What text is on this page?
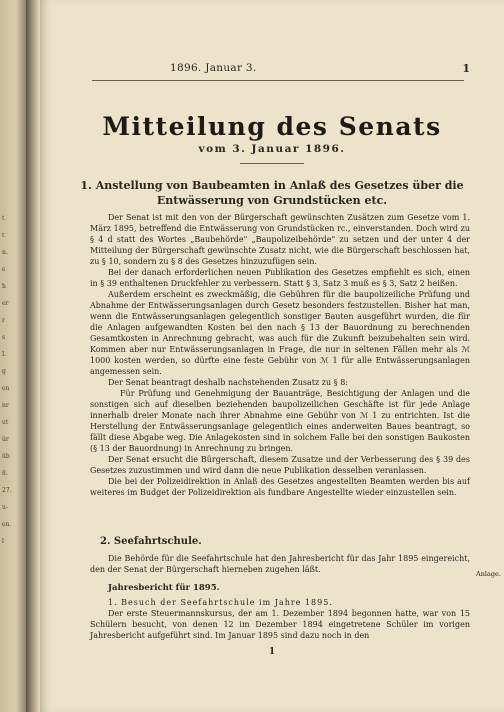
t
t
n.
e
h
er
r
s
I.
g
en
nr
ut
ür
üb
8.
27.
u-
en.
l
1896. Januar 3.	1
Mitteilung des Senats
vom 3. Januar 1896.
1. Anstellung von Baubeamten in Anlaß des Gesetzes über die Entwässerung von Grundstücken etc.

Der Senat ist mit den von der Bürgerschaft gewünschten Zusätzen zum Gesetze vom 1. März 1895, betreffend die Entwässerung von Grundstücken rc., einverstanden. Doch wird zu § 4 d statt des Wortes „Baubehörde" „Baupolizeibehörde" zu setzen und der unter 4 der Mitteilung der Bürgerschaft gewünschte Zusatz nicht, wie die Bürgerschaft beschlossen hat, zu § 10, sondern zu § 8 des Gesetzes hinzuzufügen sein.

Bei der danach erforderlichen neuen Publikation des Gesetzes empfiehlt es sich, einen in § 39 enthaltenen Druckfehler zu verbessern. Statt § 3, Satz 3 muß es § 3, Satz 2 heißen.

Außerdem erscheint es zweckmäßig, die Gebühren für die baupolizeiliche Prüfung und Abnahme der Entwässerungsanlagen durch Gesetz besonders festzustellen. Bisher hat man, wenn die Entwässerungsanlagen gelegentlich sonstiger Bauten ausgeführt wurden, die für die Anlagen aufgewandten Kosten bei den nach § 13 der Bauordnung zu berechnenden Gesamtkosten in Anrechnung gebracht, was auch für die Zukunft beizubehalten sein wird. Kommen aber nur Entwässerungsanlagen in Frage, die nur in seltenen Fällen mehr als ℳ 1000 kosten werden, so dürfte eine feste Gebühr von ℳ 1 für alle Entwässerungsanlagen angemessen sein.

Der Senat beantragt deshalb nachstehenden Zusatz zu § 8:

Für Prüfung und Genehmigung der Bauanträge, Besichtigung der Anlagen und die sonstigen sich auf dieselben beziehenden baupolizeilichen Geschäfte ist für jede Anlage innerhalb dreier Monate nach ihrer Abnahme eine Gebühr von ℳ 1 zu entrichten. Ist die Herstellung der Entwässerungsanlage gelegentlich eines anderweiten Baues beantragt, so fällt diese Abgabe weg. Die Anlagekosten sind in solchem Falle bei den sonstigen Baukosten (§ 13 der Bauordnung) in Anrechnung zu bringen.

Der Senat ersucht die Bürgerschaft, diesem Zusatze und der Verbesserung des § 39 des Gesetzes zuzustimmen und wird dann die neue Publikation desselben veranlassen.

Die bei der Polizeidirektion in Anlaß des Gesetzes angestellten Beamten werden bis auf weiteres im Budget der Polizeidirektion als fundbare Angestellte wieder einzustellen sein.

2. Seefahrtschule.

Die Behörde für die Seefahrtschule hat den Jahresbericht für das Jahr 1895 eingereicht, den der Senat der Bürgerschaft hierneben zugehen läßt.	Anlage.
Jahresbericht für 1895.

1. Besuch der Seefahrtschule im Jahre 1895.

Der erste Steuermannskursus, der am 1. Dezember 1894 begonnen hatte, war von 15 Schülern besucht, von denen 12 im Dezember 1894 eingetretene Schüler im vorigen Jahresbericht aufgeführt sind. Im Januar 1895 sind dazu noch in den

1
